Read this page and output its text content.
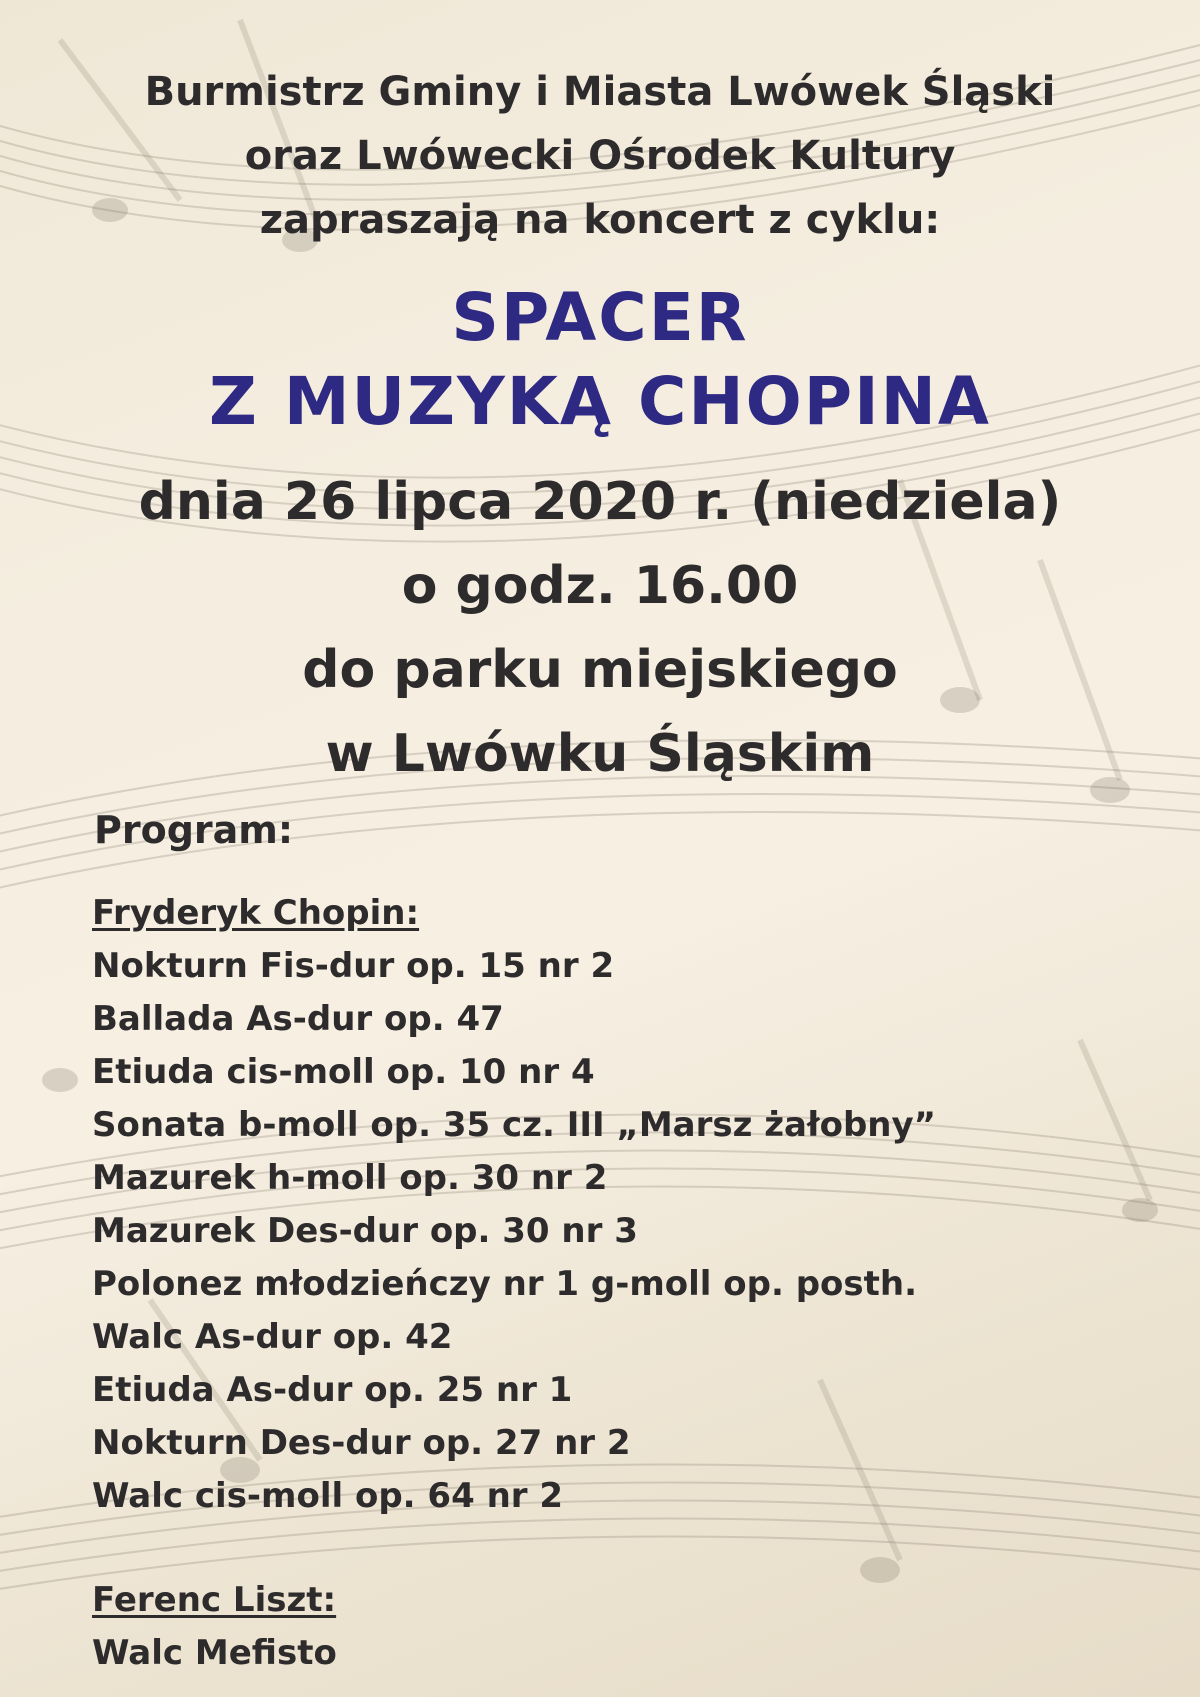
Burmistrz Gminy i Miasta Lwówek Śląski
oraz Lwówecki Ośrodek Kultury
zapraszają na koncert z cyklu:
SPACER
Z MUZYKĄ CHOPINA
dnia 26 lipca 2020 r. (niedziela)
o godz. 16.00
do parku miejskiego
w Lwówku Śląskim
Program:
Fryderyk Chopin:
Nokturn Fis-dur op. 15 nr 2
Ballada As-dur op. 47
Etiuda cis-moll op. 10 nr 4
Sonata b-moll op. 35 cz. III „Marsz żałobny”
Mazurek h-moll op. 30 nr 2
Mazurek Des-dur op. 30 nr 3
Polonez młodzieńczy nr 1 g-moll op. posth.
Walc As-dur op. 42
Etiuda As-dur op. 25 nr 1
Nokturn Des-dur op. 27 nr 2
Walc cis-moll op. 64 nr 2
Ferenc Liszt:
Walc Mefisto
